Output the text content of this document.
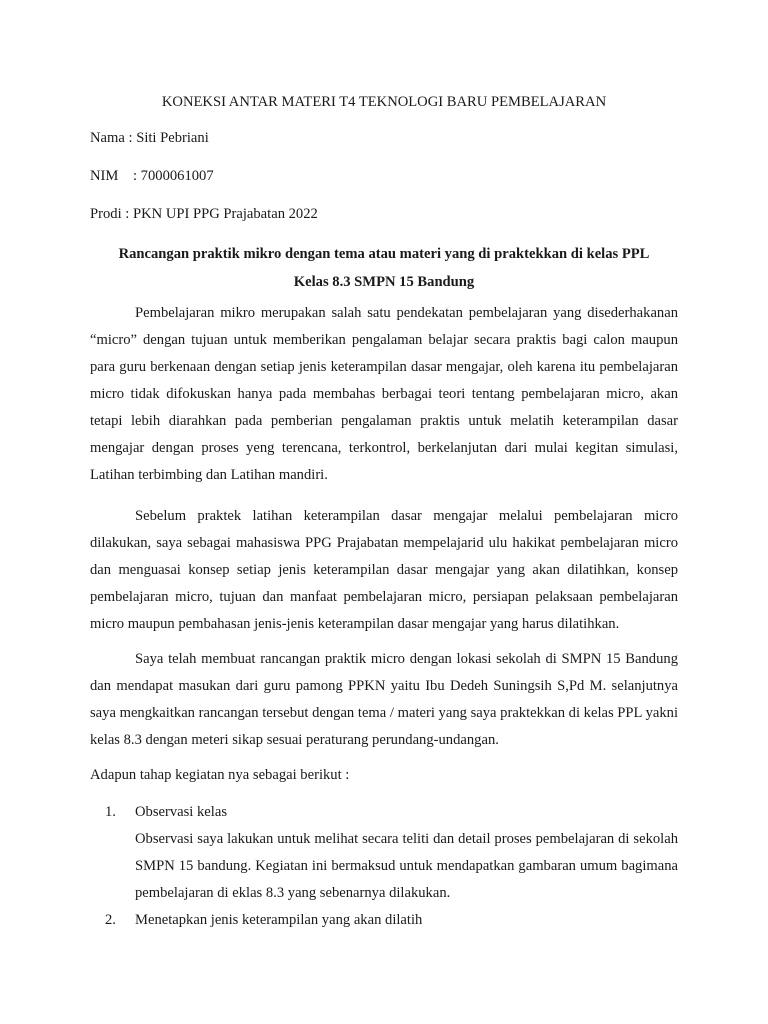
KONEKSI ANTAR MATERI T4 TEKNOLOGI BARU PEMBELAJARAN
Nama : Siti Pebriani
NIM    : 7000061007
Prodi : PKN UPI PPG Prajabatan 2022
Rancangan praktik mikro dengan tema atau materi yang di praktekkan di kelas PPL
Kelas 8.3 SMPN 15 Bandung
Pembelajaran mikro merupakan salah satu pendekatan pembelajaran yang disederhakanan “micro” dengan tujuan untuk memberikan pengalaman belajar secara praktis bagi calon maupun para guru berkenaan dengan setiap jenis keterampilan dasar mengajar, oleh karena itu pembelajaran micro tidak difokuskan hanya pada membahas berbagai teori tentang pembelajaran micro, akan tetapi lebih diarahkan pada pemberian pengalaman praktis untuk melatih keterampilan dasar mengajar dengan proses yeng terencana, terkontrol, berkelanjutan dari mulai kegitan simulasi, Latihan terbimbing dan Latihan mandiri.
Sebelum praktek latihan keterampilan dasar mengajar melalui pembelajaran micro dilakukan, saya sebagai mahasiswa PPG Prajabatan mempelajarid ulu hakikat pembelajaran micro dan menguasai konsep setiap jenis keterampilan dasar mengajar yang akan dilatihkan, konsep pembelajaran micro, tujuan dan manfaat pembelajaran micro, persiapan pelaksaan pembelajaran micro maupun pembahasan jenis-jenis keterampilan dasar mengajar yang harus dilatihkan.
Saya telah membuat rancangan praktik micro dengan lokasi sekolah di SMPN 15 Bandung dan mendapat masukan dari guru pamong PPKN yaitu Ibu Dedeh Suningsih S,Pd M. selanjutnya saya mengkaitkan rancangan tersebut dengan tema / materi yang saya praktekkan di kelas PPL yakni kelas 8.3 dengan meteri sikap sesuai peraturang perundang-undangan.
Adapun tahap kegiatan nya sebagai berikut :
1. Observasi kelas
Observasi saya lakukan untuk melihat secara teliti dan detail proses pembelajaran di sekolah SMPN 15 bandung. Kegiatan ini bermaksud untuk mendapatkan gambaran umum bagimana pembelajaran di eklas 8.3 yang sebenarnya dilakukan.
2. Menetapkan jenis keterampilan yang akan dilatih
